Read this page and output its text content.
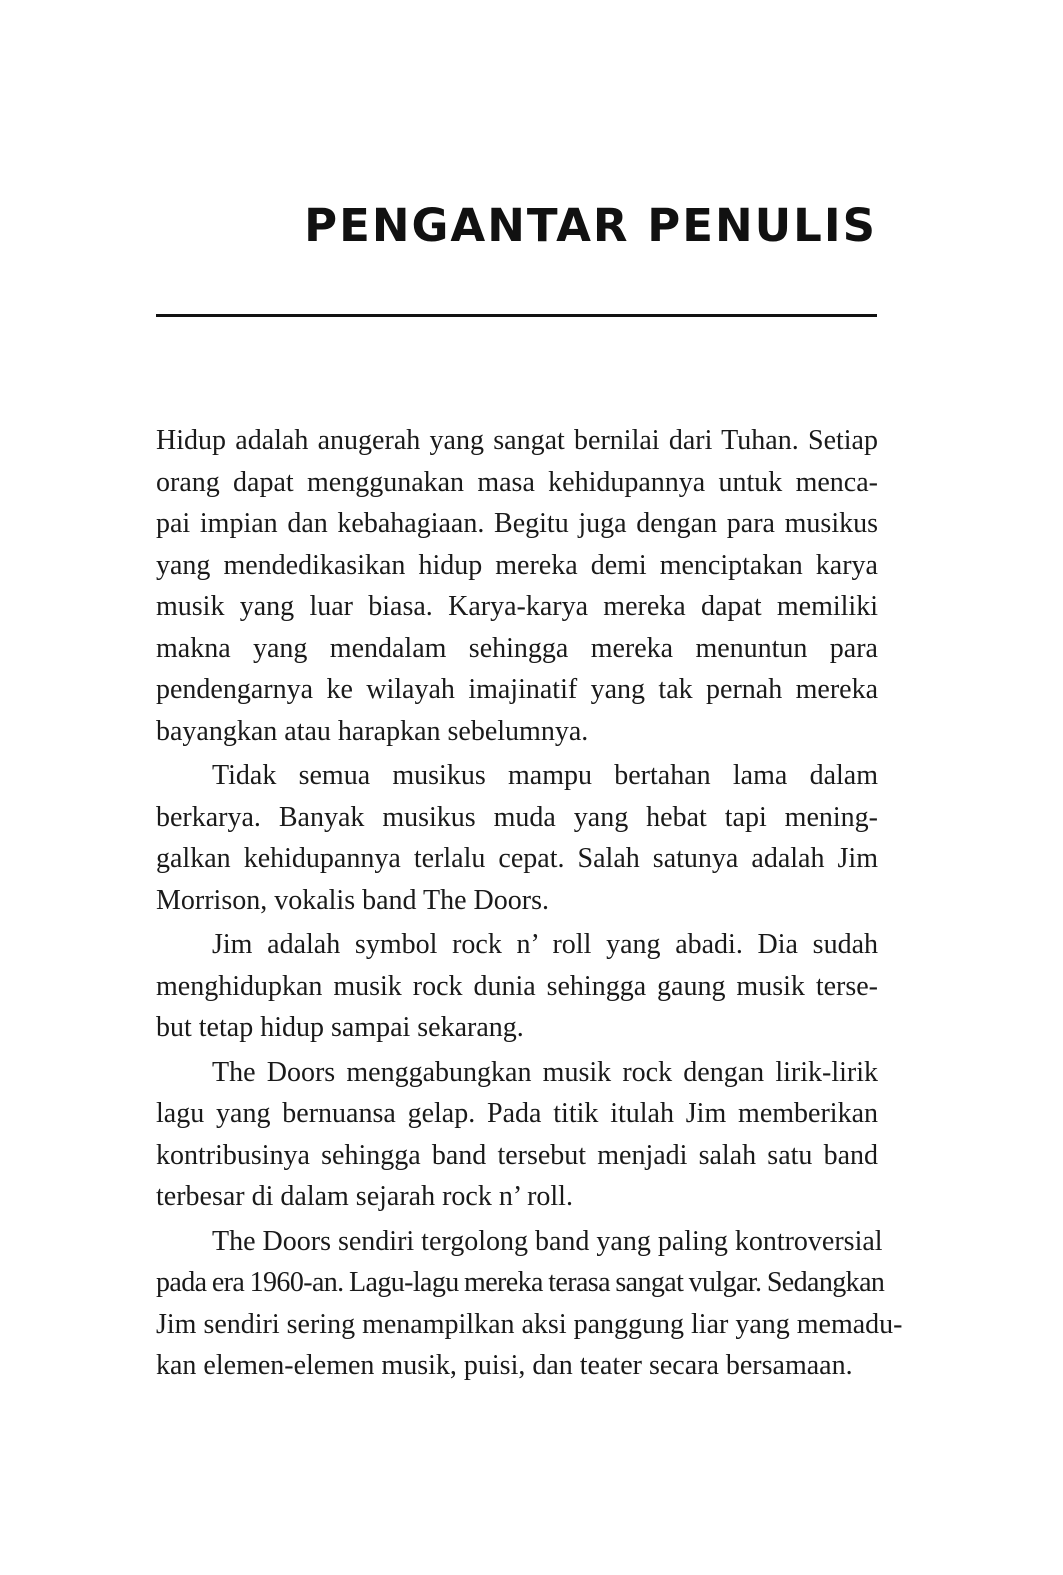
PENGANTAR PENULIS

Hidup adalah anugerah yang sangat bernilai dari Tuhan. Setiap
orang dapat menggunakan masa kehidupannya untuk menca-
pai impian dan kebahagiaan. Begitu juga dengan para musikus
yang mendedikasikan hidup mereka demi menciptakan karya
musik yang luar biasa. Karya-karya mereka dapat memiliki
makna yang mendalam sehingga mereka menuntun para
pendengarnya ke wilayah imajinatif yang tak pernah mereka
bayangkan atau harapkan sebelumnya.

Tidak semua musikus mampu bertahan lama dalam
berkarya. Banyak musikus muda yang hebat tapi mening-
galkan kehidupannya terlalu cepat. Salah satunya adalah Jim
Morrison, vokalis band The Doors.

Jim adalah symbol rock n’ roll yang abadi. Dia sudah
menghidupkan musik rock dunia sehingga gaung musik terse-
but tetap hidup sampai sekarang.

The Doors menggabungkan musik rock dengan lirik-lirik
lagu yang bernuansa gelap. Pada titik itulah Jim memberikan
kontribusinya sehingga band tersebut menjadi salah satu band
terbesar di dalam sejarah rock n’ roll.

The Doors sendiri tergolong band yang paling kontroversial
pada era 1960-an. Lagu-lagu mereka terasa sangat vulgar. Sedangkan
Jim sendiri sering menampilkan aksi panggung liar yang memadu-
kan elemen-elemen musik, puisi, dan teater secara bersamaan.
